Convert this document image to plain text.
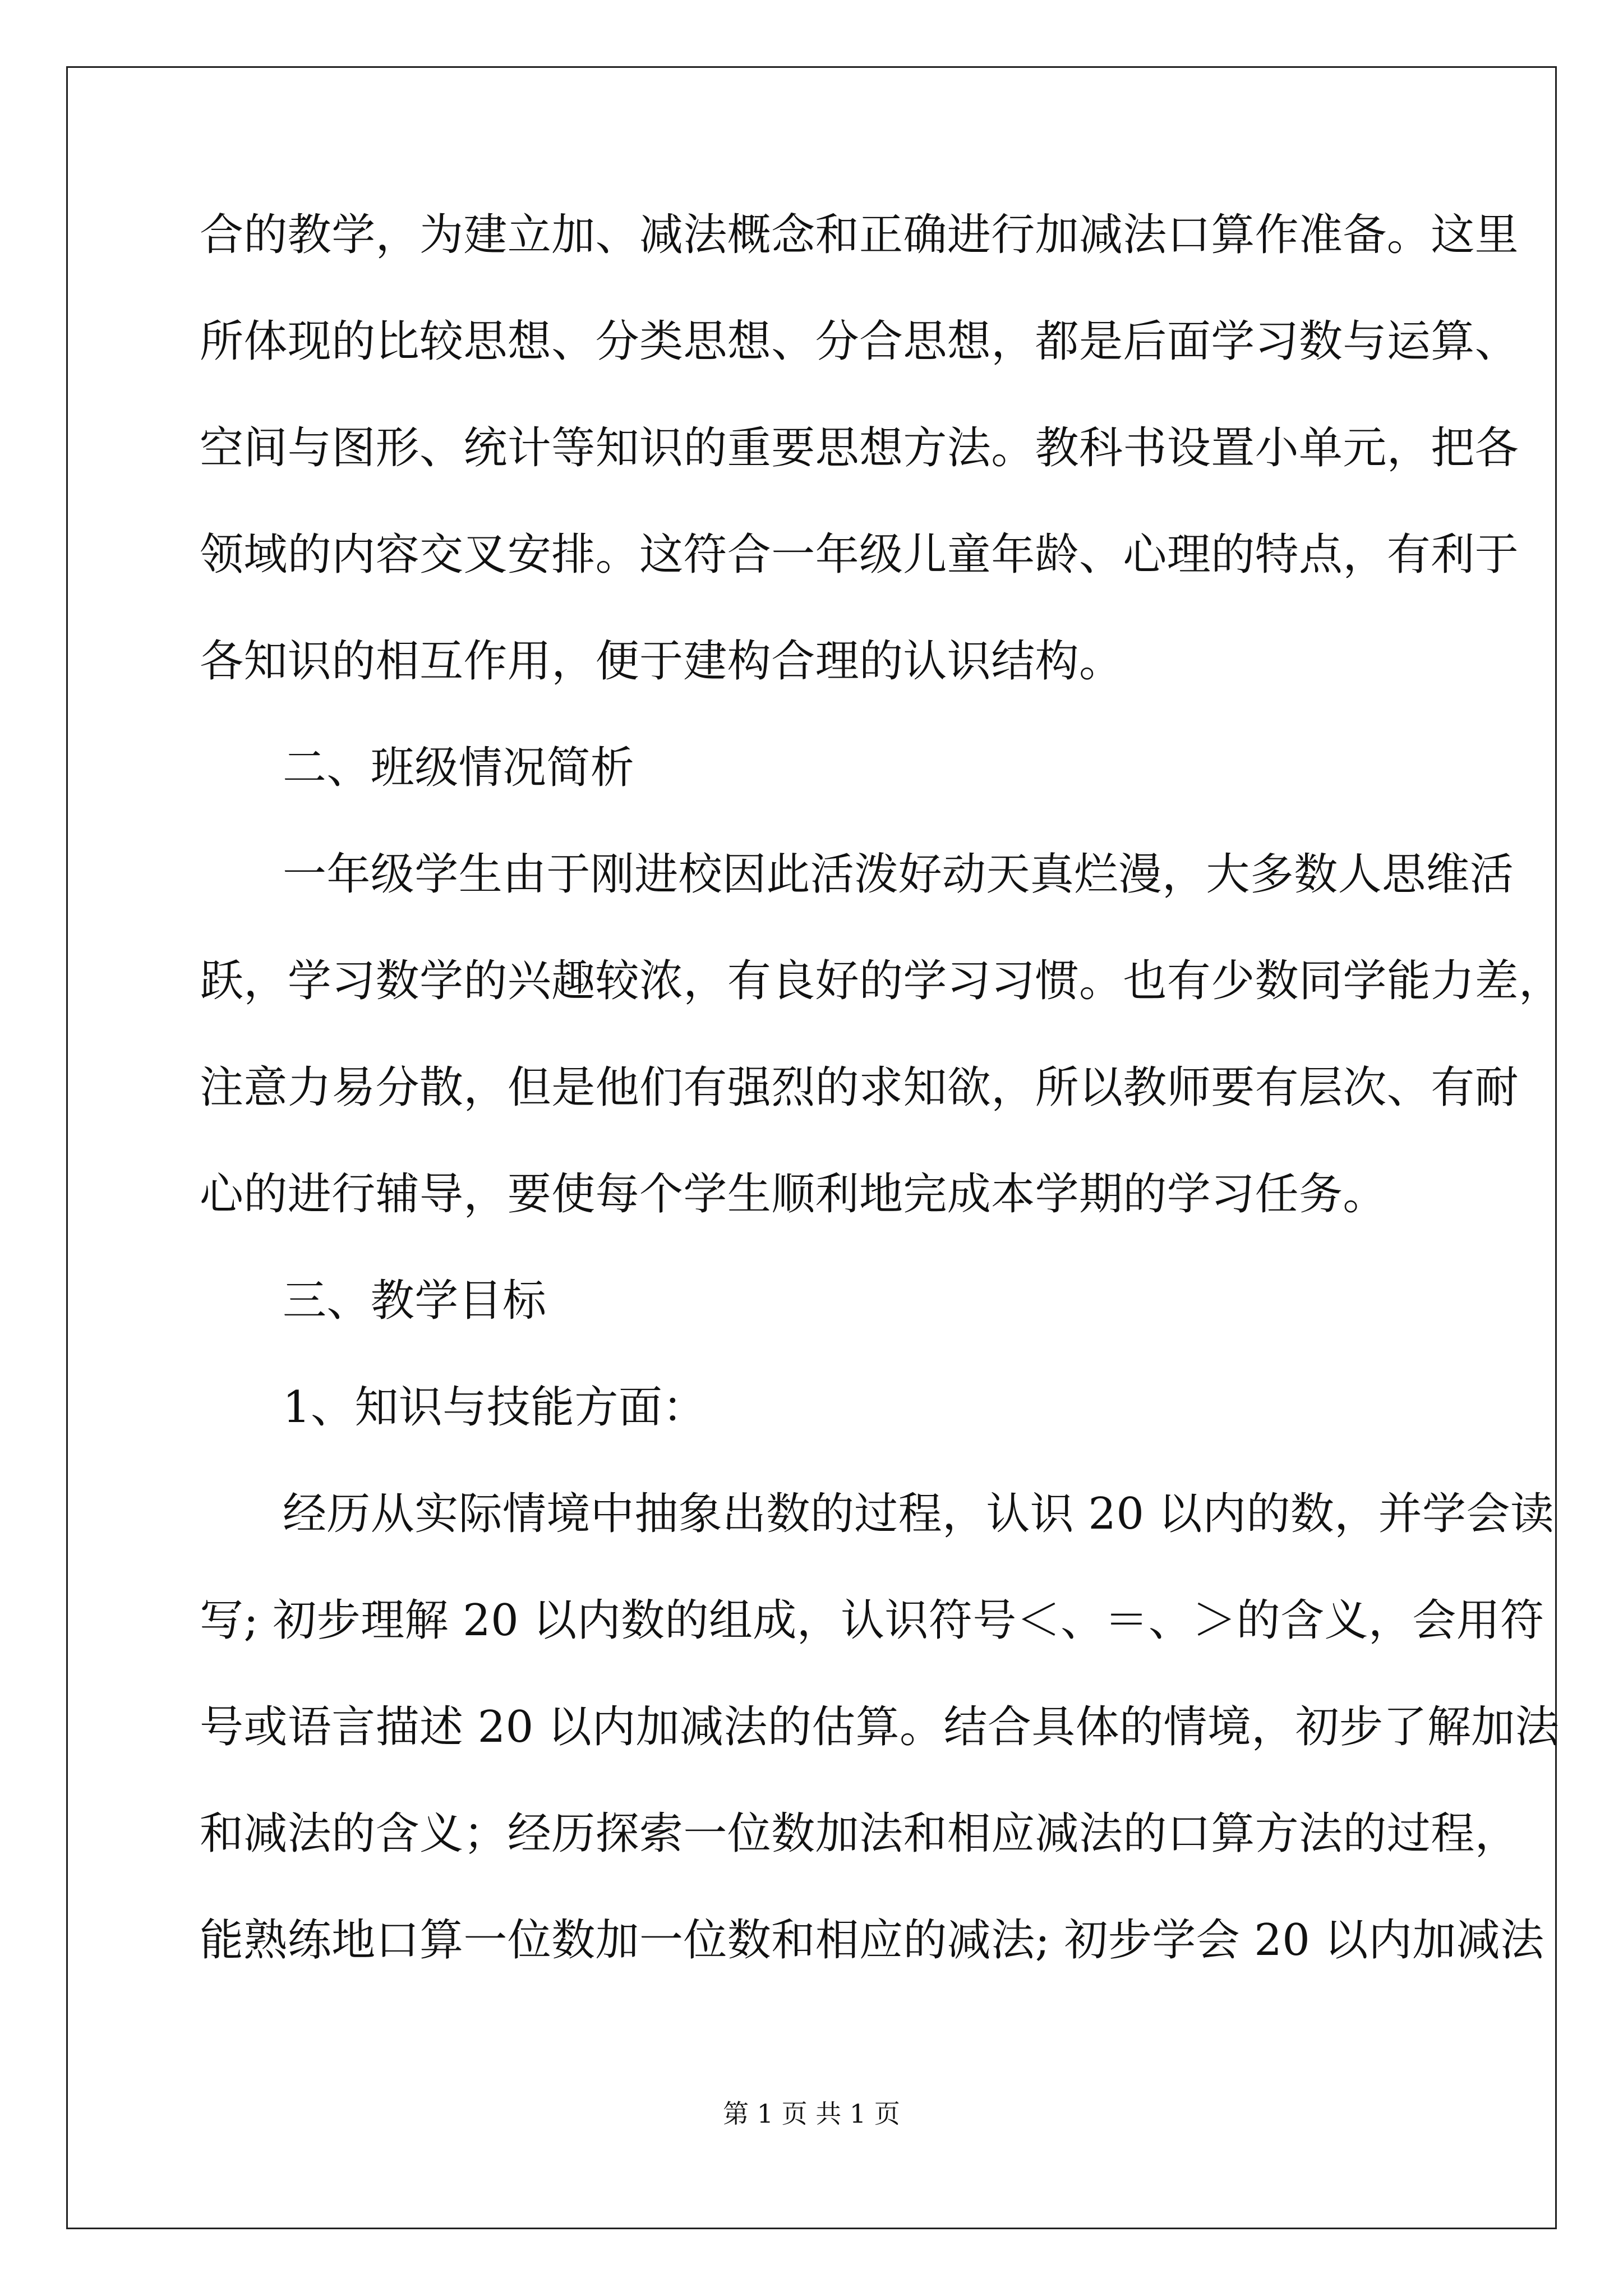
合的教学，为建立加、减法概念和正确进行加减法口算作准备。这里
所体现的比较思想、分类思想、分合思想，都是后面学习数与运算、
空间与图形、统计等知识的重要思想方法。教科书设置小单元，把各
领域的内容交叉安排。这符合一年级儿童年龄、心理的特点，有利于
各知识的相互作用，便于建构合理的认识结构。
二、班级情况简析
一年级学生由于刚进校因此活泼好动天真烂漫，大多数人思维活
跃，学习数学的兴趣较浓，有良好的学习习惯。也有少数同学能力差，
注意力易分散，但是他们有强烈的求知欲，所以教师要有层次、有耐
心的进行辅导，要使每个学生顺利地完成本学期的学习任务。
三、教学目标
1、知识与技能方面：
经历从实际情境中抽象出数的过程，认识 20 以内的数，并学会读
写; 初步理解 20 以内数的组成，认识符号＜、＝、＞的含义，会用符
号或语言描述 20 以内加减法的估算。结合具体的情境，初步了解加法
和减法的含义；经历探索一位数加法和相应减法的口算方法的过程，
能熟练地口算一位数加一位数和相应的减法; 初步学会 20 以内加减法
第 1 页 共 1 页
